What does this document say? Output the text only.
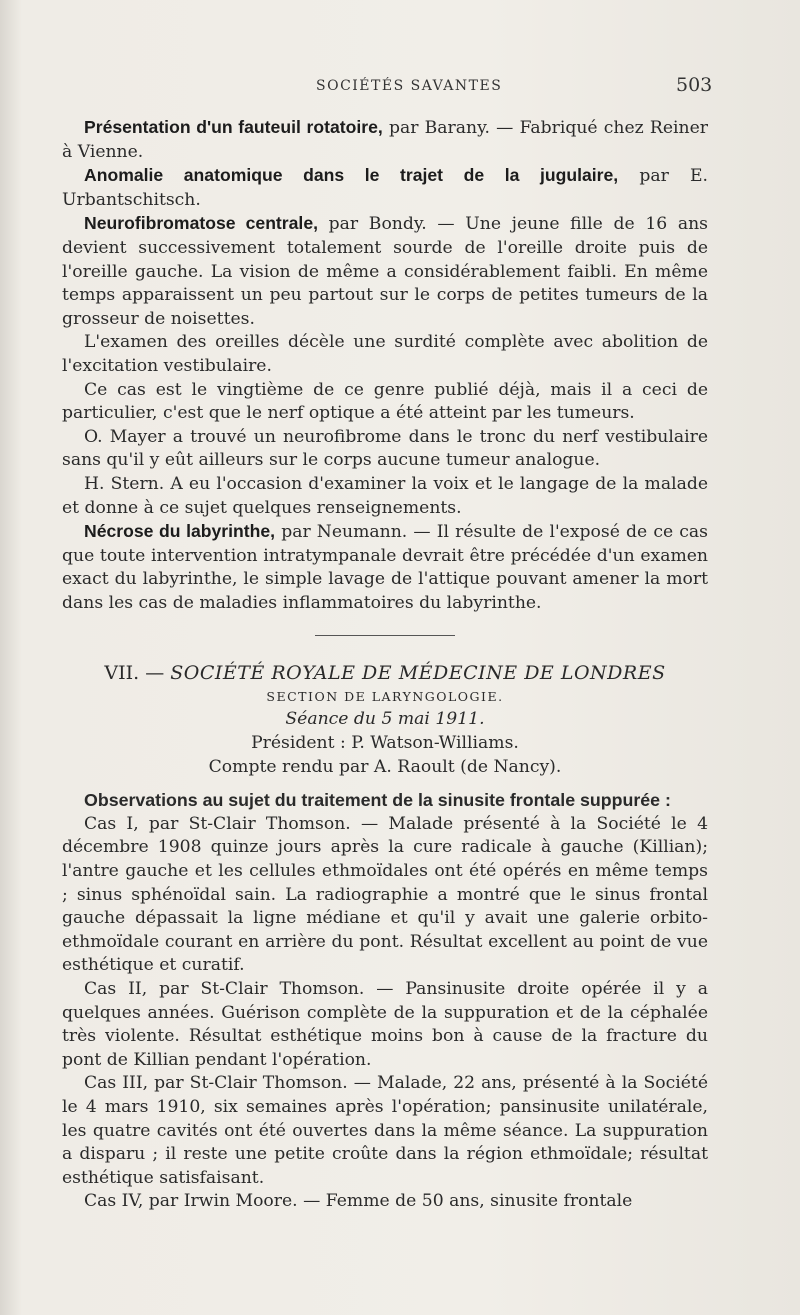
SOCIÉTÉS SAVANTES	503

Présentation d'un fauteuil rotatoire, par Barany. — Fabriqué chez Reiner à Vienne.

Anomalie anatomique dans le trajet de la jugulaire, par E. Urbantschitsch.

Neurofibromatose centrale, par Bondy. — Une jeune fille de 16 ans devient successivement totalement sourde de l'oreille droite puis de l'oreille gauche. La vision de même a considérablement faibli. En même temps apparaissent un peu partout sur le corps de petites tumeurs de la grosseur de noisettes.

L'examen des oreilles décèle une surdité complète avec abolition de l'excitation vestibulaire.

Ce cas est le vingtième de ce genre publié déjà, mais il a ceci de particulier, c'est que le nerf optique a été atteint par les tumeurs.

O. Mayer a trouvé un neurofibrome dans le tronc du nerf vestibulaire sans qu'il y eût ailleurs sur le corps aucune tumeur analogue.

H. Stern. A eu l'occasion d'examiner la voix et le langage de la malade et donne à ce sujet quelques renseignements.

Nécrose du labyrinthe, par Neumann. — Il résulte de l'exposé de ce cas que toute intervention intratympanale devrait être précédée d'un examen exact du labyrinthe, le simple lavage de l'attique pouvant amener la mort dans les cas de maladies inflammatoires du labyrinthe.

VII. — SOCIÉTÉ ROYALE DE MÉDECINE DE LONDRES

SECTION DE LARYNGOLOGIE.

Séance du 5 mai 1911.

Président : P. Watson-Williams.

Compte rendu par A. Raoult (de Nancy).

Observations au sujet du traitement de la sinusite frontale suppurée :

Cas I, par St-Clair Thomson. — Malade présenté à la Société le 4 décembre 1908 quinze jours après la cure radicale à gauche (Killian); l'antre gauche et les cellules ethmoïdales ont été opérés en même temps ; sinus sphénoïdal sain. La radiographie a montré que le sinus frontal gauche dépassait la ligne médiane et qu'il y avait une galerie orbito-ethmoïdale courant en arrière du pont. Résultat excellent au point de vue esthétique et curatif.

Cas II, par St-Clair Thomson. — Pansinusite droite opérée il y a quelques années. Guérison complète de la suppuration et de la céphalée très violente. Résultat esthétique moins bon à cause de la fracture du pont de Killian pendant l'opération.

Cas III, par St-Clair Thomson. — Malade, 22 ans, présenté à la Société le 4 mars 1910, six semaines après l'opération; pansinusite unilatérale, les quatre cavités ont été ouvertes dans la même séance. La suppuration a disparu ; il reste une petite croûte dans la région ethmoïdale; résultat esthétique satisfaisant.

Cas IV, par Irwin Moore. — Femme de 50 ans, sinusite frontale
